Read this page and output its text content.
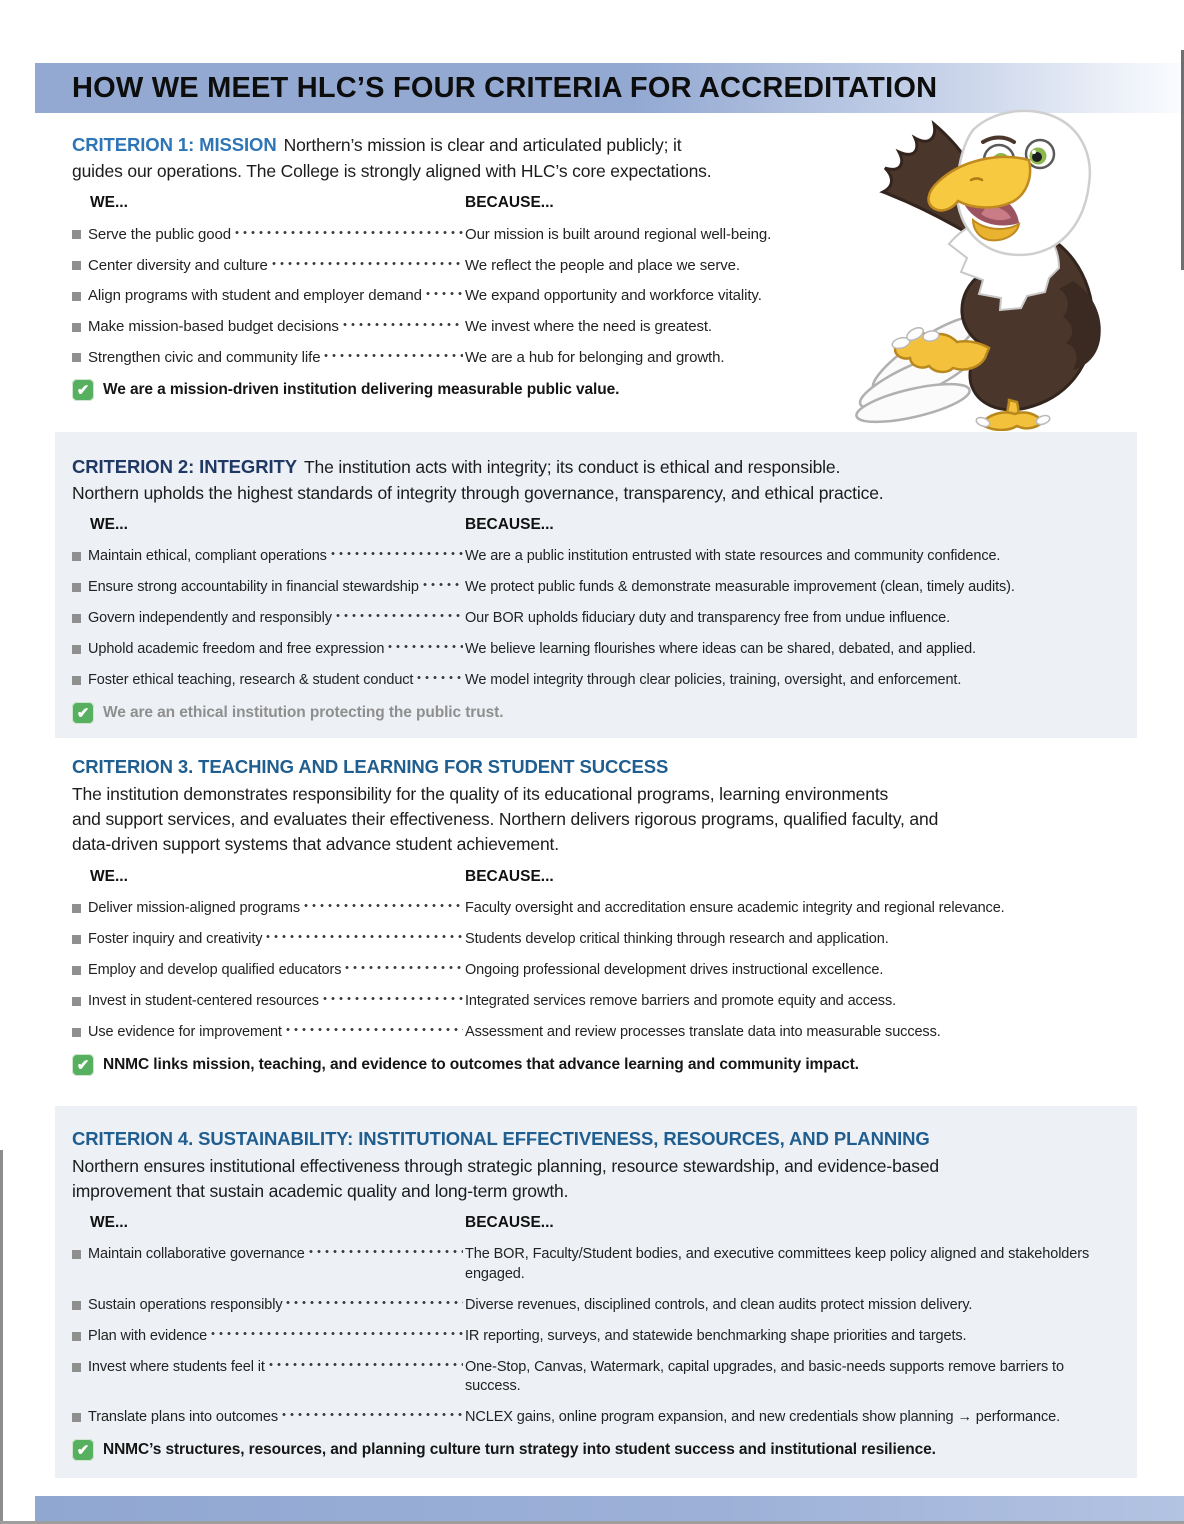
HOW WE MEET HLC’S FOUR CRITERIA FOR ACCREDITATION

CRITERION 1: MISSION Northern’s mission is clear and articulated publicly; it
guides our operations. The College is strongly aligned with HLC’s core expectations.

WE...	BECAUSE...
Serve the public good	Our mission is built around regional well-being.
Center diversity and culture	We reflect the people and place we serve.
Align programs with student and employer demand	We expand opportunity and workforce vitality.
Make mission-based budget decisions	We invest where the need is greatest.
Strengthen civic and community life	We are a hub for belonging and growth.
✔ We are a mission-driven institution delivering measurable public value.

CRITERION 2: INTEGRITY The institution acts with integrity; its conduct is ethical and responsible.
Northern upholds the highest standards of integrity through governance, transparency, and ethical practice.

WE...	BECAUSE...
Maintain ethical, compliant operations	We are a public institution entrusted with state resources and community confidence.
Ensure strong accountability in financial stewardship	We protect public funds & demonstrate measurable improvement (clean, timely audits).
Govern independently and responsibly	Our BOR upholds fiduciary duty and transparency free from undue influence.
Uphold academic freedom and free expression	We believe learning flourishes where ideas can be shared, debated, and applied.
Foster ethical teaching, research & student conduct	We model integrity through clear policies, training, oversight, and enforcement.
✔ We are an ethical institution protecting the public trust.
CRITERION 3. TEACHING AND LEARNING FOR STUDENT SUCCESS

The institution demonstrates responsibility for the quality of its educational programs, learning environments
and support services, and evaluates their effectiveness. Northern delivers rigorous programs, qualified faculty, and
data-driven support systems that advance student achievement.

WE...	BECAUSE...
Deliver mission-aligned programs	Faculty oversight and accreditation ensure academic integrity and regional relevance.
Foster inquiry and creativity	Students develop critical thinking through research and application.
Employ and develop qualified educators	Ongoing professional development drives instructional excellence.
Invest in student-centered resources	Integrated services remove barriers and promote equity and access.
Use evidence for improvement	Assessment and review processes translate data into measurable success.
✔ NNMC links mission, teaching, and evidence to outcomes that advance learning and community impact.
CRITERION 4. SUSTAINABILITY: INSTITUTIONAL EFFECTIVENESS, RESOURCES, AND PLANNING

Northern ensures institutional effectiveness through strategic planning, resource stewardship, and evidence-based
improvement that sustain academic quality and long-term growth.

WE...	BECAUSE...
Maintain collaborative governance	The BOR, Faculty/Student bodies, and executive committees keep policy aligned and stakeholders engaged.
Sustain operations responsibly	Diverse revenues, disciplined controls, and clean audits protect mission delivery.
Plan with evidence	IR reporting, surveys, and statewide benchmarking shape priorities and targets.
Invest where students feel it	One-Stop, Canvas, Watermark, capital upgrades, and basic-needs supports remove barriers to success.
Translate plans into outcomes	NCLEX gains, online program expansion, and new credentials show planning → performance.
✔ NNMC’s structures, resources, and planning culture turn strategy into student success and institutional resilience.
